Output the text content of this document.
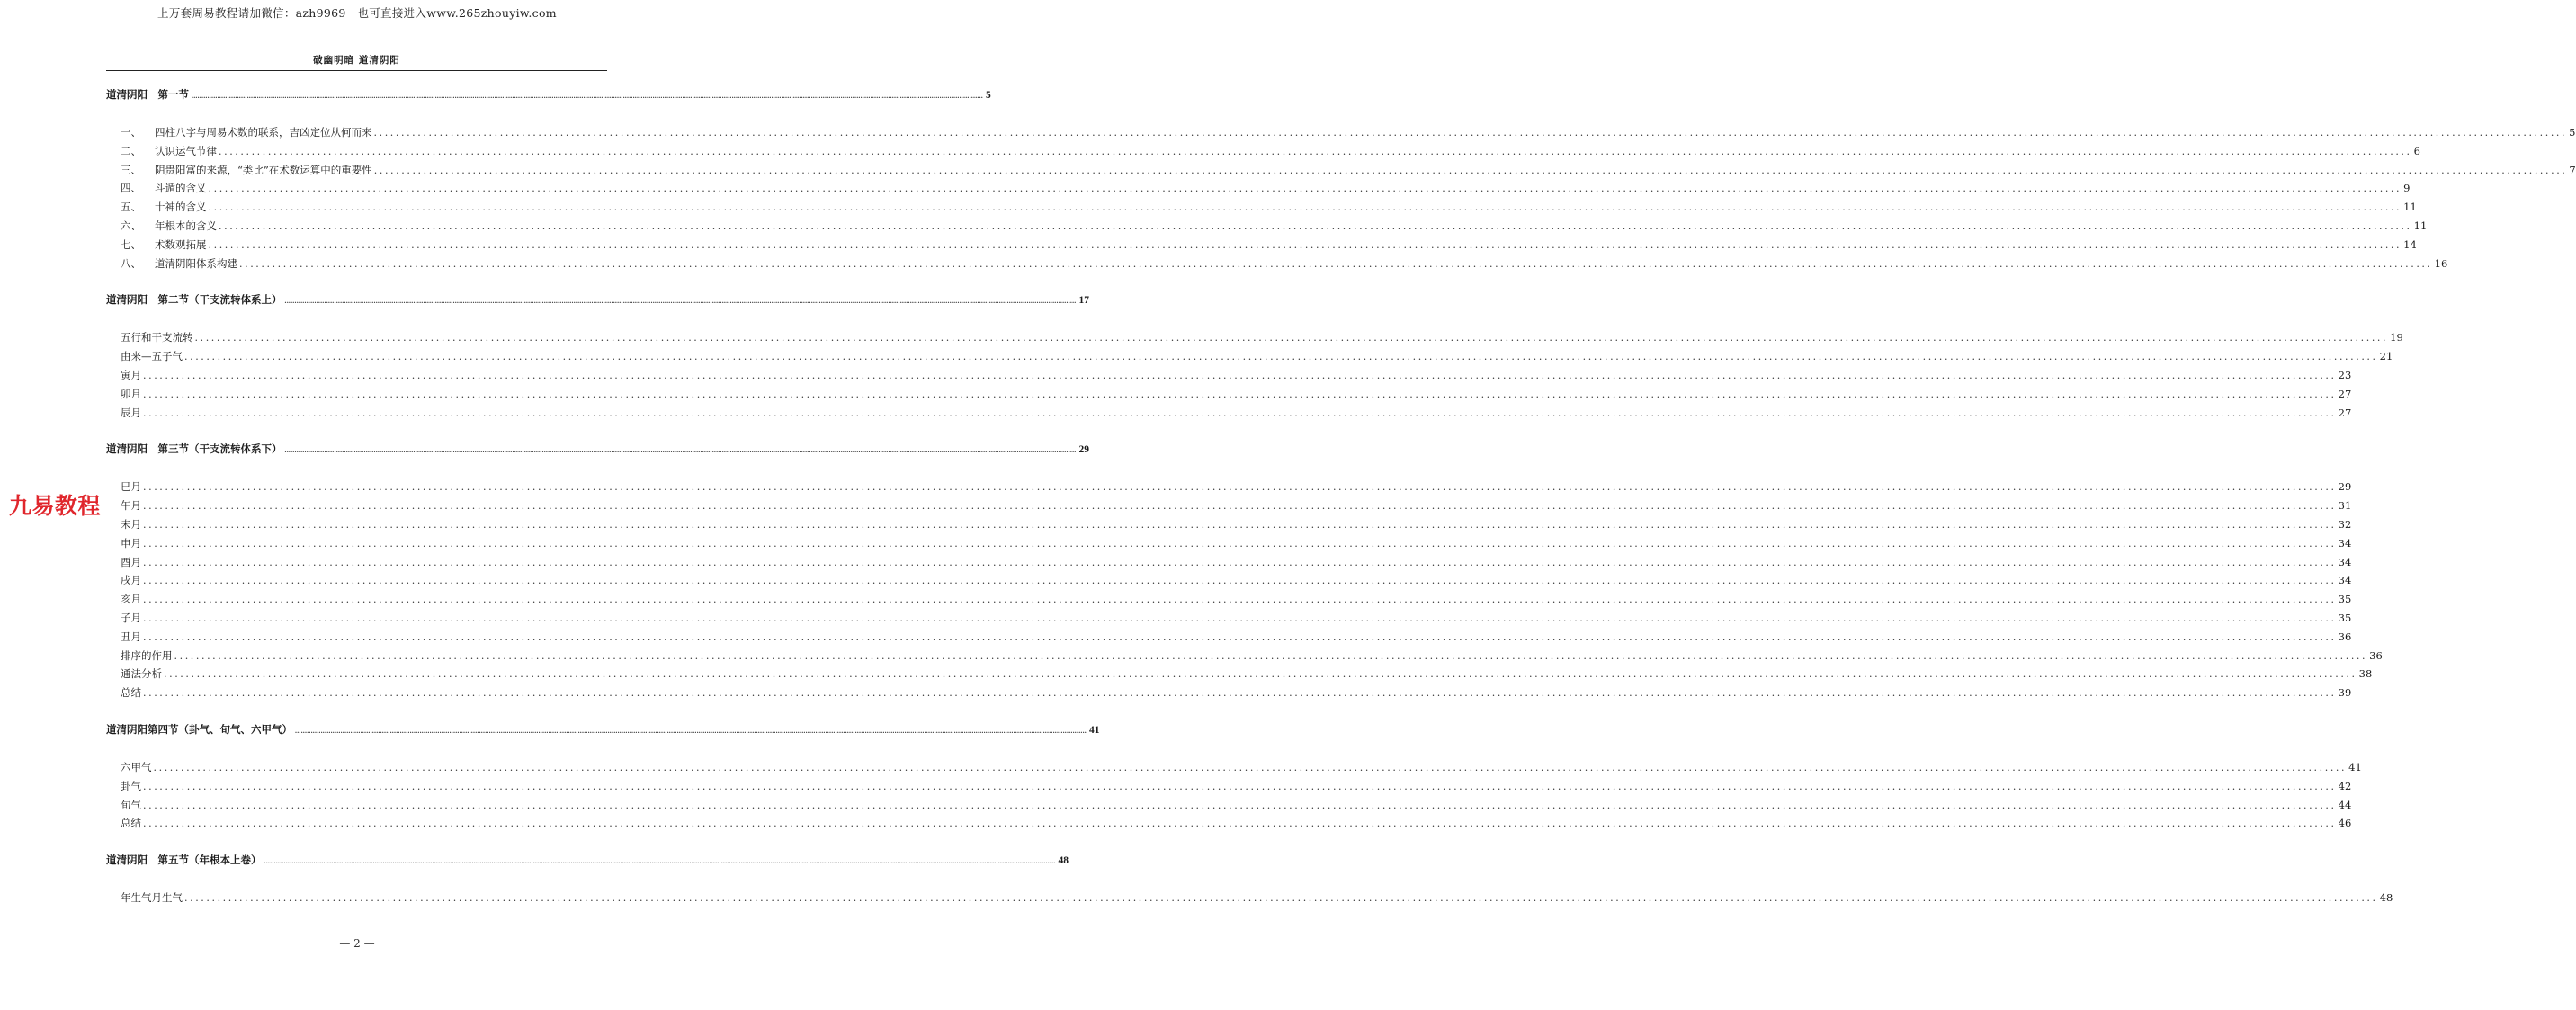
上万套周易教程请加微信：azh9969　也可直接进入www.265zhouyiw.com
破幽明暗 道清阴阳
道清阴阳　第一节 ................................................................................................................................................................................................................................................................................................................................................................................................................ 5
一、 四柱八字与周易术数的联系，吉凶定位从何而来 ................................................................................................................................................................................................................................................................................................................................................................................................................ 5
二、 认识运气节律 ................................................................................................................................................................................................................................................................................................................................................................................................................ 6
三、 阴贵阳富的来源，“类比”在术数运算中的重要性 ................................................................................................................................................................................................................................................................................................................................................................................................................ 7
四、 斗遁的含义 ................................................................................................................................................................................................................................................................................................................................................................................................................ 9
五、 十神的含义 ................................................................................................................................................................................................................................................................................................................................................................................................................ 11
六、 年根本的含义 ................................................................................................................................................................................................................................................................................................................................................................................................................ 11
七、 术数观拓展 ................................................................................................................................................................................................................................................................................................................................................................................................................ 14
八、 道清阴阳体系构建 ................................................................................................................................................................................................................................................................................................................................................................................................................ 16
道清阴阳　第二节（干支流转体系上） ................................................................................................................................................................................................................................................................................................................................................................................................................ 17
五行和干支流转 ................................................................................................................................................................................................................................................................................................................................................................................................................ 19
由来—五子气 ................................................................................................................................................................................................................................................................................................................................................................................................................ 21
寅月 ................................................................................................................................................................................................................................................................................................................................................................................................................ 23
卯月 ................................................................................................................................................................................................................................................................................................................................................................................................................ 27
辰月 ................................................................................................................................................................................................................................................................................................................................................................................................................ 27
道清阴阳　第三节（干支流转体系下） ................................................................................................................................................................................................................................................................................................................................................................................................................ 29
巳月 ................................................................................................................................................................................................................................................................................................................................................................................................................ 29
午月 ................................................................................................................................................................................................................................................................................................................................................................................................................ 31
未月 ................................................................................................................................................................................................................................................................................................................................................................................................................ 32
申月 ................................................................................................................................................................................................................................................................................................................................................................................................................ 34
酉月 ................................................................................................................................................................................................................................................................................................................................................................................................................ 34
戌月 ................................................................................................................................................................................................................................................................................................................................................................................................................ 34
亥月 ................................................................................................................................................................................................................................................................................................................................................................................................................ 35
子月 ................................................................................................................................................................................................................................................................................................................................................................................................................ 35
丑月 ................................................................................................................................................................................................................................................................................................................................................................................................................ 36
排序的作用 ................................................................................................................................................................................................................................................................................................................................................................................................................ 36
通法分析 ................................................................................................................................................................................................................................................................................................................................................................................................................ 38
总结 ................................................................................................................................................................................................................................................................................................................................................................................................................ 39
道清阴阳第四节（卦气、旬气、六甲气） ................................................................................................................................................................................................................................................................................................................................................................................................................ 41
六甲气 ................................................................................................................................................................................................................................................................................................................................................................................................................ 41
卦气 ................................................................................................................................................................................................................................................................................................................................................................................................................ 42
旬气 ................................................................................................................................................................................................................................................................................................................................................................................................................ 44
总结 ................................................................................................................................................................................................................................................................................................................................................................................................................ 46
道清阴阳　第五节（年根本上卷） ................................................................................................................................................................................................................................................................................................................................................................................................................ 48
年生气月生气 ................................................................................................................................................................................................................................................................................................................................................................................................................ 48
九易教程
— 2 —
